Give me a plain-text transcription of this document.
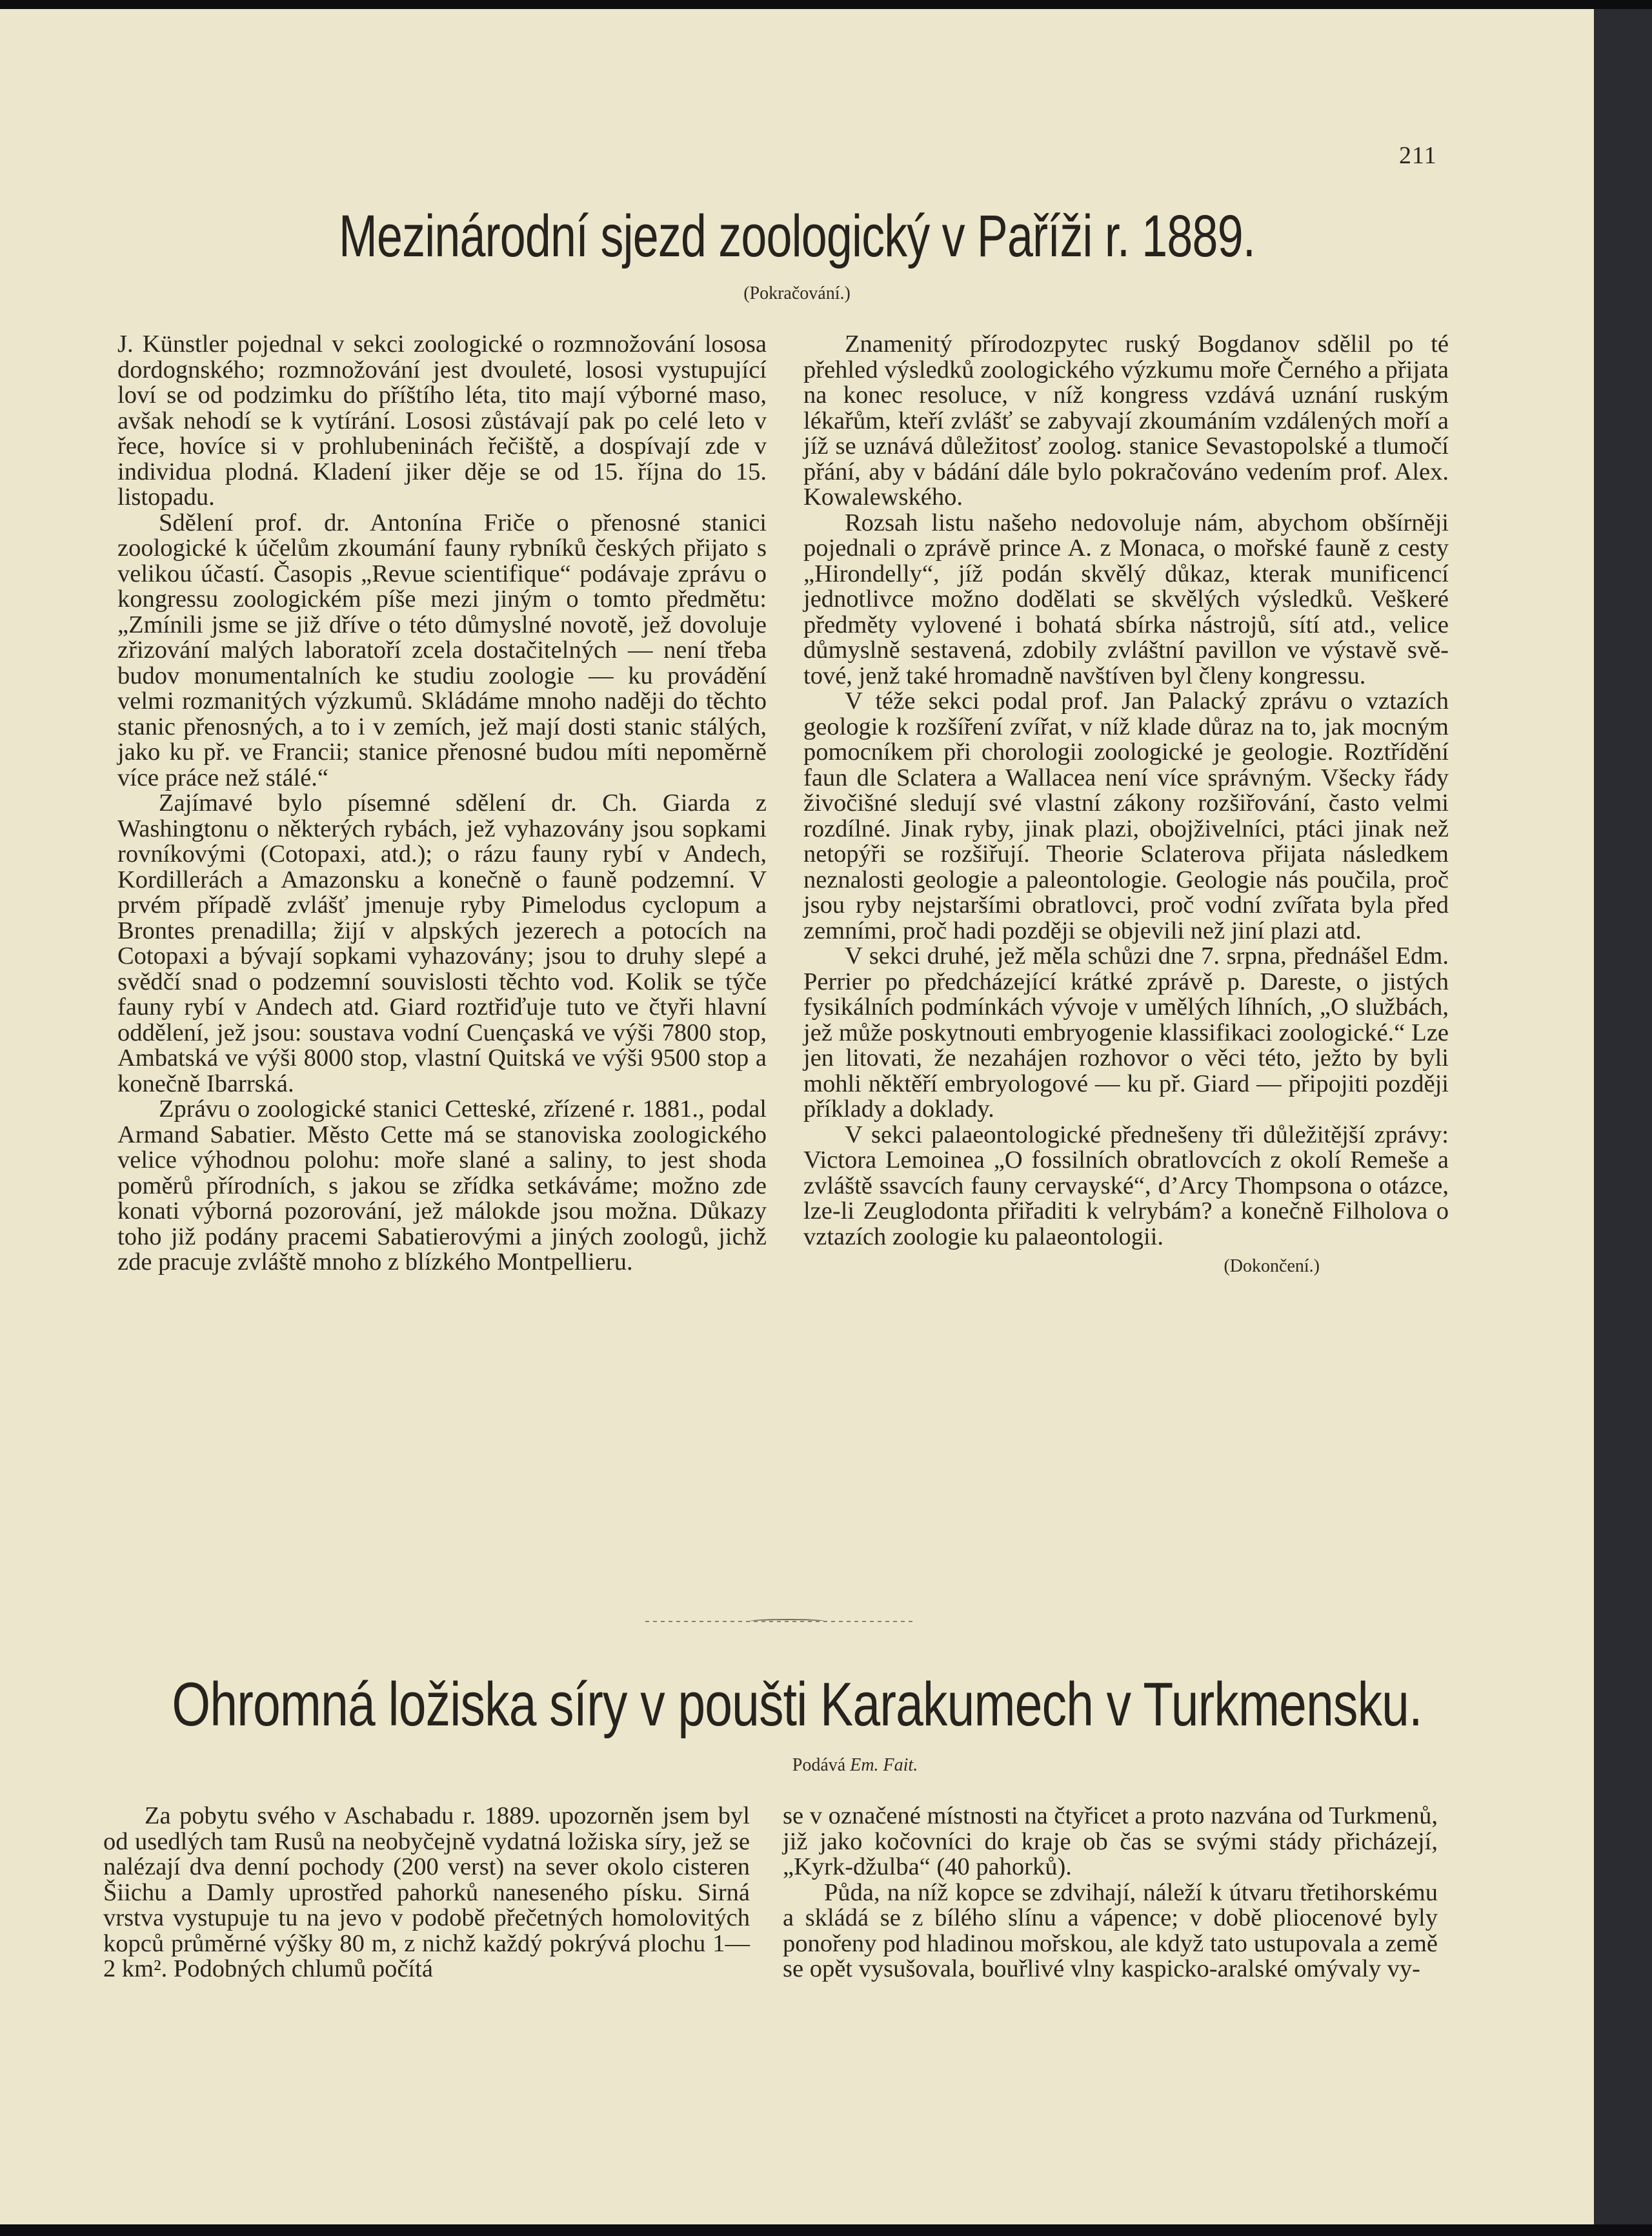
211
Mezinárodní sjezd zoologický v Paříži r. 1889.
(Pokračování.)

J. Künstler pojednal v sekci zoologické o rozmnožování lososa dordognského; rozmnožování jest dvouleté, lososi vystupující loví se od podzimku do příštího léta, tito mají výborné maso, avšak nehodí se k vytírání. Lososi zůstávají pak po celé leto v řece, hovíce si v prohlubeninách řečiště, a dospívají zde v individua plodná. Kladení jiker děje se od 15. října do 15. listopadu.

Sdělení prof. dr. Antonína Friče o přenosné stanici zoologické k účelům zkoumání fauny rybníků českých přijato s velikou účastí. Časopis „Revue scientifique“ podávaje zprávu o kongressu zoologickém píše mezi jiným o tomto předmětu: „Zmínili jsme se již dříve o této důmyslné novotě, jež dovoluje zřizování malých laboratoří zcela dostačitelných — není třeba budov monumentalních ke studiu zoologie — ku provádění velmi rozmanitých výzkumů. Skládáme mnoho naději do těchto stanic přenosných, a to i v zemích, jež mají dosti stanic stálých, jako ku př. ve Francii; stanice přenosné budou míti nepoměrně více práce než stálé.“

Zajímavé bylo písemné sdělení dr. Ch. Giarda z Washingtonu o některých rybách, jež vyhazovány jsou sopkami rovníkovými (Cotopaxi, atd.); o rázu fauny rybí v Andech, Kordillerách a Amazonsku a konečně o fauně podzemní. V prvém případě zvlášť jmenuje ryby Pimelodus cyclopum a Brontes prenadilla; žijí v alpských jezerech a potocích na Cotopaxi a bývají sopkami vyhazovány; jsou to druhy slepé a svědčí snad o podzemní souvislosti těchto vod. Kolik se týče fauny rybí v Andech atd. Giard roztřiďuje tuto ve čtyři hlavní oddělení, jež jsou: soustava vodní Cuençaská ve výši 7800 stop, Ambatská ve výši 8000 stop, vlastní Quitská ve výši 9500 stop a konečně Ibarrská.

Zprávu o zoologické stanici Cetteské, zřízené r. 1881., podal Armand Sabatier. Město Cette má se stanoviska zoologického velice výhodnou polohu: moře slané a saliny, to jest shoda poměrů přírodních, s jakou se zřídka setkáváme; možno zde konati výborná pozorování, jež málokde jsou možna. Důkazy toho již podány pracemi Sabatierovými a jiných zoologů, jichž zde pracuje zvláště mnoho z blízkého Montpellieru.

Znamenitý přírodozpytec ruský Bogdanov sdělil po té přehled výsledků zoologického výzkumu moře Černého a přijata na konec resoluce, v níž kongress vzdává uznání ruským lékařům, kteří zvlášť se zabyvají zkoumáním vzdálených moří a jíž se uznává důležitosť zoolog. stanice Sevastopolské a tlumočí přání, aby v bádání dále bylo pokračováno vedením prof. Alex. Kowalewského.

Rozsah listu našeho nedovoluje nám, abychom obšírněji pojednali o zprávě prince A. z Monaca, o mořské fauně z cesty „Hirondelly“, jíž podán skvělý důkaz, kterak munificencí jednotlivce možno dodělati se skvělých výsledků. Veškeré předměty vylovené i bohatá sbírka nástrojů, sítí atd., velice důmyslně sestavená, zdobily zvláštní pavillon ve výstavě světové, jenž také hromadně navštíven byl členy kongressu.

V téže sekci podal prof. Jan Palacký zprávu o vztazích geologie k rozšíření zvířat, v níž klade důraz na to, jak mocným pomocníkem při chorologii zoologické je geologie. Roztřídění faun dle Sclatera a Wallacea není více správným. Všecky řády živočišné sledují své vlastní zákony rozšiřování, často velmi rozdílné. Jinak ryby, jinak plazi, obojživelníci, ptáci jinak než netopýři se rozšiřují. Theorie Sclaterova přijata následkem neznalosti geologie a paleontologie. Geologie nás poučila, proč jsou ryby nejstaršími obratlovci, proč vodní zvířata byla před zemními, proč hadi později se objevili než jiní plazi atd.

V sekci druhé, jež měla schůzi dne 7. srpna, přednášel Edm. Perrier po předcházející krátké zprávě p. Dareste, o jistých fysikálních podmínkách vývoje v umělých líhních, „O službách, jež může poskytnouti embryogenie klassifikaci zoologické.“ Lze jen litovati, že nezahájen rozhovor o věci této, ježto by byli mohli něktěří embryologové — ku př. Giard — připojiti později příklady a doklady.

V sekci palaeontologické přednešeny tři důležitější zprávy: Victora Lemoinea „O fossilních obratlovcích z okolí Remeše a zvláště ssavcích fauny cervayské“, d’Arcy Thompsona o otázce, lze-li Zeuglodonta přiřaditi k velrybám? a konečně Filholova o vztazích zoologie ku palaeontologii.

(Dokončení.)
Ohromná ložiska síry v poušti Karakumech v Turkmensku.
Podává Em. Fait.

Za pobytu svého v Aschabadu r. 1889. upozorněn jsem byl od usedlých tam Rusů na neobyčejně vydatná ložiska síry, jež se nalézají dva denní pochody (200 verst) na sever okolo cisteren Šiichu a Damly uprostřed pahorků naneseného písku. Sirná vrstva vystupuje tu na jevo v podobě přečetných homolovitých kopců průměrné výšky 80 m, z nichž každý pokrývá plochu 1—2 km². Podobných chlumů počítá

se v označené místnosti na čtyřicet a proto nazvána od Turkmenů, již jako kočovníci do kraje ob čas se svými stády přicházejí, „Kyrk-džulba“ (40 pahorků).

Půda, na níž kopce se zdvihají, náleží k útvaru třetihorskému a skládá se z bílého slínu a vápence; v době pliocenové byly ponořeny pod hladinou mořskou, ale když tato ustupovala a země se opět vysušovala, bouřlivé vlny kaspicko-aralské omývaly vy-
